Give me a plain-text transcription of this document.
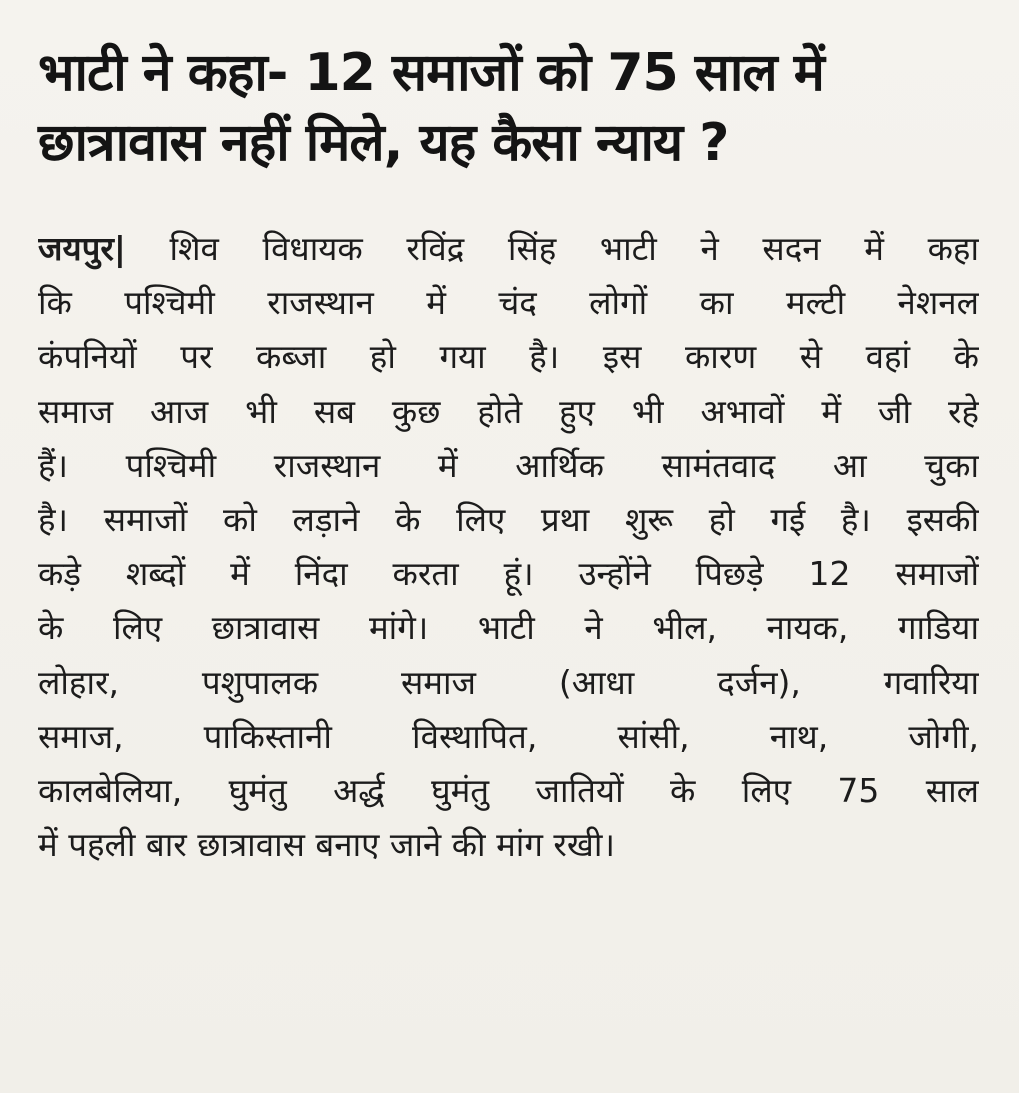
भाटी ने कहा- 12 समाजों को 75 साल में
छात्रावास नहीं मिले, यह कैसा न्याय ?
जयपुर| शिव विधायक रविंद्र सिंह भाटी ने सदन में कहा
कि पश्चिमी राजस्थान में चंद लोगों का मल्टी नेशनल
कंपनियों पर कब्जा हो गया है। इस कारण से वहां के
समाज आज भी सब कुछ होते हुए भी अभावों में जी रहे
हैं। पश्चिमी राजस्थान में आर्थिक सामंतवाद आ चुका
है। समाजों को लड़ाने के लिए प्रथा शुरू हो गई है। इसकी
कड़े शब्दों में निंदा करता हूं। उन्होंने पिछड़े 12 समाजों
के लिए छात्रावास मांगे। भाटी ने भील, नायक, गाडिया
लोहार, पशुपालक समाज (आधा दर्जन), गवारिया
समाज, पाकिस्तानी विस्थापित, सांसी, नाथ, जोगी,
कालबेलिया, घुमंतु अर्द्ध घुमंतु जातियों के लिए 75 साल
में पहली बार छात्रावास बनाए जाने की मांग रखी।
